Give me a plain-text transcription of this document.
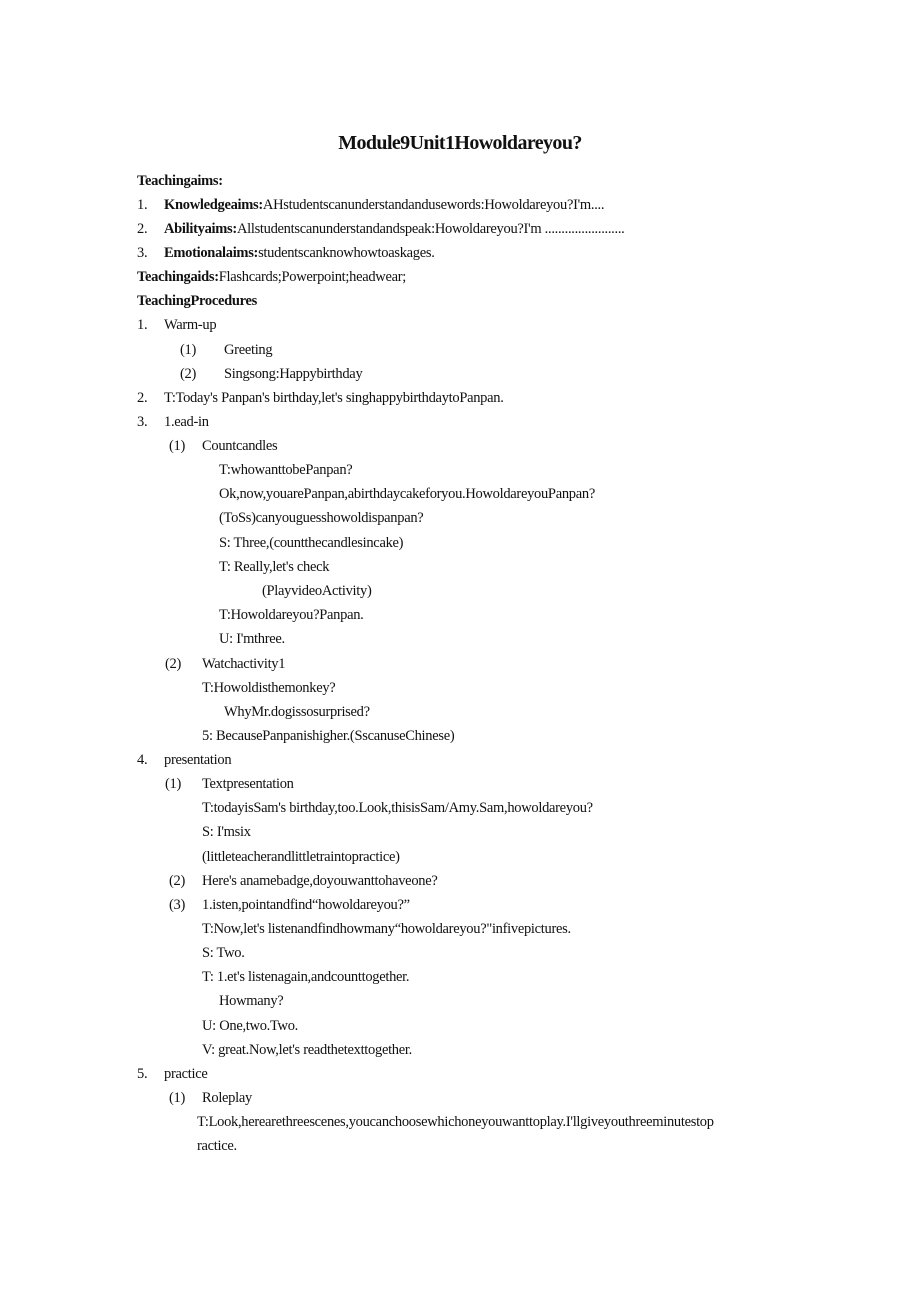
Module9Unit1Howoldareyou?
Teachingaims:
1. Knowledgeaims:AHstudentscanunderstandandusewords:Howoldareyou?I'm....
2. Abilityaims:Allstudentscanunderstandandspeak:Howoldareyou?I'm ........................
3. Emotionalaims:studentscanknowhowtoaskages.
Teachingaids:Flashcards;Powerpoint;headwear;
TeachingProcedures
1. Warm-up
(1) Greeting
(2) Singsong:Happybirthday
2. T:Today's Panpan's birthday,let's singhappybirthdaytoPanpan.
3. 1.ead-in
(1) Countcandles
T:whowanttobePanpan?
Ok,now,youarePanpan,abirthdaycakeforyou.HowoldareyouPanpan?
(ToSs)canyouguesshowoldispanpan?
S: Three,(countthecandlesincake)
T: Really,let's check
(PlayvideoActivity)
T:Howoldareyou?Panpan.
U: I'mthree.
(2) Watchactivity1
T:Howoldisthemonkey?
WhyMr.dogissosurprised?
5: BecausePanpanishigher.(SscanuseChinese)
4. presentation
(1) Textpresentation
T:todayisSam's birthday,too.Look,thisisSam/Amy.Sam,howoldareyou?
S: I'msix
(littleteacherandlittletraintopractice)
(2) Here's anamebadge,doyouwanttohaveone?
(3) 1.isten,pointandfind“howoldareyou?”
T:Now,let's listenandfindhowmany“howoldareyou?"infivepictures.
S: Two.
T: 1.et's listenagain,andcounttogether.
Howmany?
U: One,two.Two.
V: great.Now,let's readthetexttogether.
5. practice
(1) Roleplay
T:Look,herearethreescenes,youcanchoosewhichoneyouwanttoplay.I'llgiveyouthreeminutestop
ractice.
